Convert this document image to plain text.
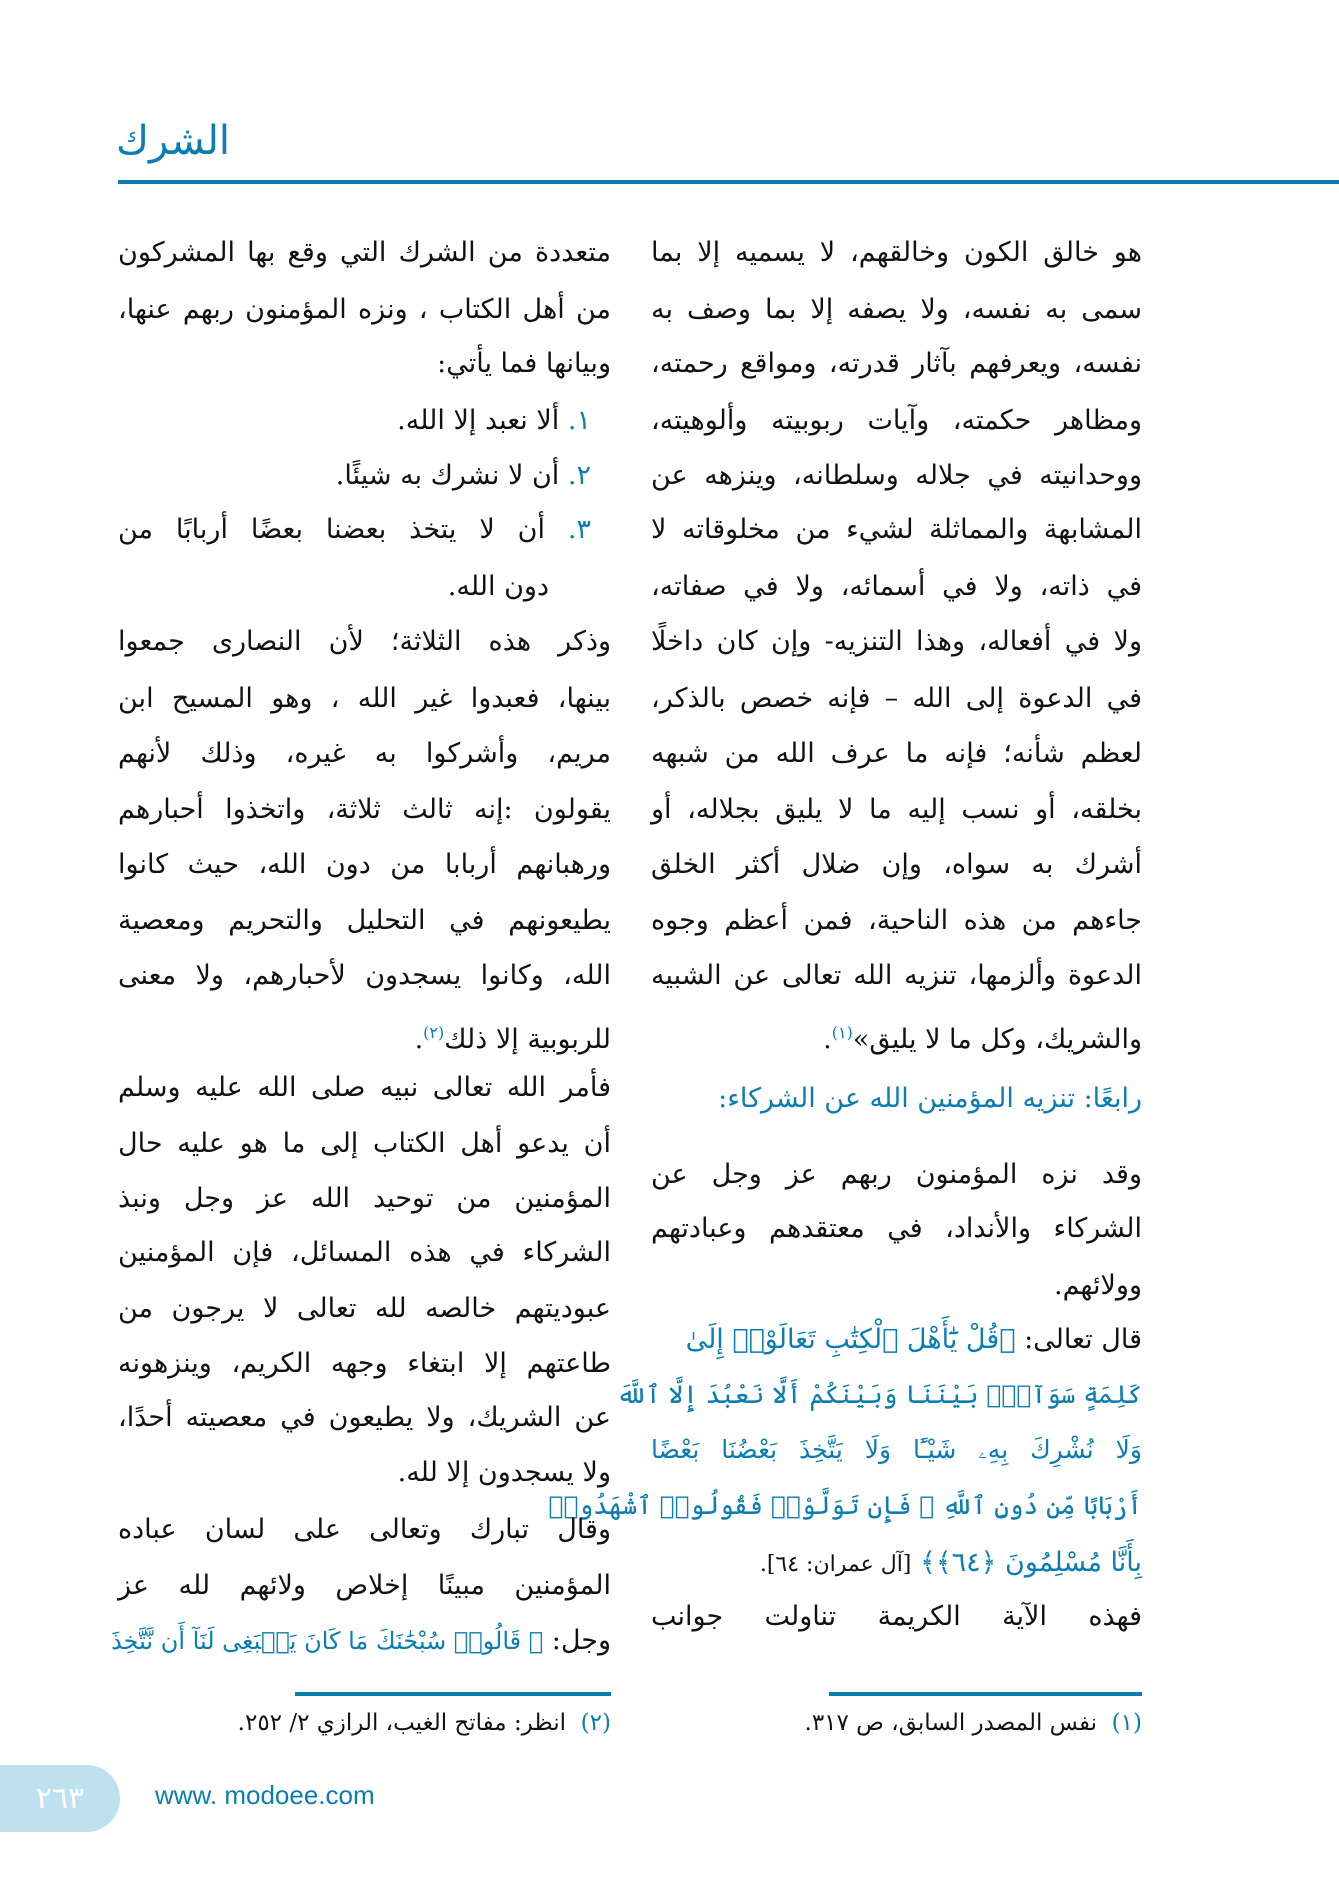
الشرك
هو خالق الكون وخالقهم، لا يسميه إلا بما
سمى به نفسه، ولا يصفه إلا بما وصف به
نفسه، ويعرفهم بآثار قدرته، ومواقع رحمته،
ومظاهر حكمته، وآيات ربوبيته وألوهيته،
ووحدانيته في جلاله وسلطانه، وينزهه عن
المشابهة والمماثلة لشيء من مخلوقاته لا
في ذاته، ولا في أسمائه، ولا في صفاته،
ولا في أفعاله، وهذا التنزيه- وإن كان داخلًا
في الدعوة إلى الله – فإنه خصص بالذكر،
لعظم شأنه؛ فإنه ما عرف الله من شبهه
بخلقه، أو نسب إليه ما لا يليق بجلاله، أو
أشرك به سواه، وإن ضلال أكثر الخلق
جاءهم من هذه الناحية، فمن أعظم وجوه
الدعوة وألزمها، تنزيه الله تعالى عن الشبيه
والشريك، وكل ما لا يليق»$^{(١)}$.
رابعًا: تنزيه المؤمنين الله عن الشركاء:
وقد نزه المؤمنون ربهم عز وجل عن
الشركاء والأنداد، في معتقدهم وعبادتهم
وولائهم.
قال تعالى: ﴿قُلْ يَٰٓأَهْلَ ٱلْكِتَٰبِ تَعَالَوْا۟ إِلَىٰ
كَلِمَةٍ سَوَآءٍۭ بَيْنَنَا وَبَيْنَكُمْ أَلَّا نَعْبُدَ إِلَّا ٱللَّهَ
وَلَا نُشْرِكَ بِهِۦ شَيْـًٔا وَلَا يَتَّخِذَ بَعْضُنَا بَعْضًا
أَرْبَابًا مِّن دُونِ ٱللَّهِ ۚ فَإِن تَوَلَّوْا۟ فَقُولُوا۟ ٱشْهَدُوا۟
بِأَنَّا مُسْلِمُونَ ﴿٦٤﴾﴾ [آل عمران: ٦٤].
فهذه الآية الكريمة تناولت جوانب
متعددة من الشرك التي وقع بها المشركون
من أهل الكتاب ، ونزه المؤمنون ربهم عنها،
وبيانها فما يأتي:
١. ألا نعبد إلا الله.
٢. أن لا نشرك به شيئًا.
٣. أن لا يتخذ بعضنا بعضًا أربابًا من
دون الله.
وذكر هذه الثلاثة؛ لأن النصارى جمعوا
بينها، فعبدوا غير الله ، وهو المسيح ابن
مريم، وأشركوا به غيره، وذلك لأنهم
يقولون :إنه ثالث ثلاثة، واتخذوا أحبارهم
ورهبانهم أربابا من دون الله، حيث كانوا
يطيعونهم في التحليل والتحريم ومعصية
الله، وكانوا يسجدون لأحبارهم، ولا معنى
للربوبية إلا ذلك$^{(٢)}$.
فأمر الله تعالى نبيه صلى الله عليه وسلم
أن يدعو أهل الكتاب إلى ما هو عليه حال
المؤمنين من توحيد الله عز وجل ونبذ
الشركاء في هذه المسائل، فإن المؤمنين
عبوديتهم خالصه لله تعالى لا يرجون من
طاعتهم إلا ابتغاء وجهه الكريم، وينزهونه
عن الشريك، ولا يطيعون في معصيته أحدًا،
ولا يسجدون إلا لله.
وقال تبارك وتعالى على لسان عباده
المؤمنين مبينًا إخلاص ولائهم لله عز
وجل: ﴿ قَالُوا۟ سُبْحَٰنَكَ مَا كَانَ يَنۢبَغِى لَنَآ أَن نَّتَّخِذَ
(١)  نفس المصدر السابق، ص ٣١٧.
(٢)  انظر: مفاتح الغيب، الرازي ٢/ ٢٥٢.
٢٦٣	www. modoee.com
